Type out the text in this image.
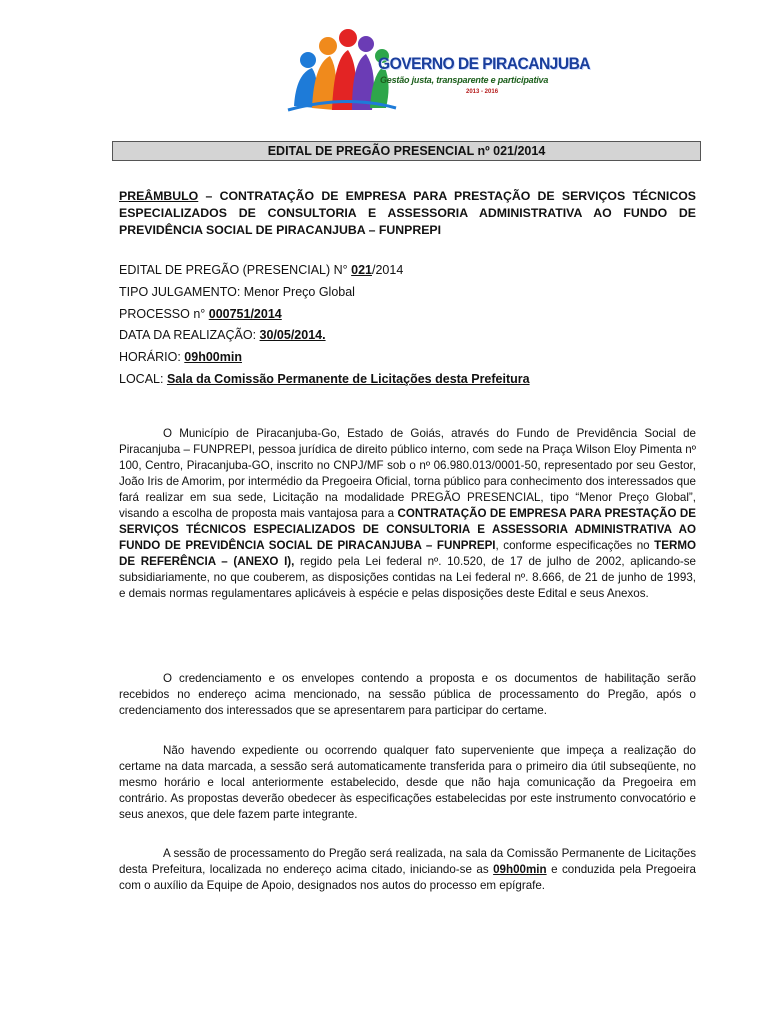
GOVERNO DE PIRACANJUBA
Gestão justa, transparente e participativa
2013 - 2016
EDITAL DE PREGÃO PRESENCIAL nº 021/2014
PREÂMBULO – CONTRATAÇÃO DE EMPRESA PARA PRESTAÇÃO DE SERVIÇOS TÉCNICOS ESPECIALIZADOS DE CONSULTORIA E ASSESSORIA ADMINISTRATIVA AO FUNDO DE PREVIDÊNCIA SOCIAL DE PIRACANJUBA – FUNPREPI
EDITAL DE PREGÃO (PRESENCIAL) N° 021/2014
TIPO JULGAMENTO: Menor Preço Global
PROCESSO n° 000751/2014
DATA DA REALIZAÇÃO: 30/05/2014.
HORÁRIO: 09h00min
LOCAL: Sala da Comissão Permanente de Licitações desta Prefeitura
O Município de Piracanjuba-Go, Estado de Goiás, através do Fundo de Previdência Social de Piracanjuba – FUNPREPI, pessoa jurídica de direito público interno, com sede na Praça Wilson Eloy Pimenta nº 100, Centro, Piracanjuba-GO, inscrito no CNPJ/MF sob o nº 06.980.013/0001-50, representado por seu Gestor, João Iris de Amorim, por intermédio da Pregoeira Oficial, torna público para conhecimento dos interessados que fará realizar em sua sede, Licitação na modalidade PREGÃO PRESENCIAL, tipo “Menor Preço Global”, visando a escolha de proposta mais vantajosa para a CONTRATAÇÃO DE EMPRESA PARA PRESTAÇÃO DE SERVIÇOS TÉCNICOS ESPECIALIZADOS DE CONSULTORIA E ASSESSORIA ADMINISTRATIVA AO FUNDO DE PREVIDÊNCIA SOCIAL DE PIRACANJUBA – FUNPREPI, conforme especificações no TERMO DE REFERÊNCIA – (ANEXO I), regido pela Lei federal nº. 10.520, de 17 de julho de 2002, aplicando-se subsidiariamente, no que couberem, as disposições contidas na Lei federal nº. 8.666, de 21 de junho de 1993, e demais normas regulamentares aplicáveis à espécie e pelas disposições deste Edital e seus Anexos.
O credenciamento e os envelopes contendo a proposta e os documentos de habilitação serão recebidos no endereço acima mencionado, na sessão pública de processamento do Pregão, após o credenciamento dos interessados que se apresentarem para participar do certame.
Não havendo expediente ou ocorrendo qualquer fato superveniente que impeça a realização do certame na data marcada, a sessão será automaticamente transferida para o primeiro dia útil subseqüente, no mesmo horário e local anteriormente estabelecido, desde que não haja comunicação da Pregoeira em contrário. As propostas deverão obedecer às especificações estabelecidas por este instrumento convocatório e seus anexos, que dele fazem parte integrante.
A sessão de processamento do Pregão será realizada, na sala da Comissão Permanente de Licitações desta Prefeitura, localizada no endereço acima citado, iniciando-se as 09h00min e conduzida pela Pregoeira com o auxílio da Equipe de Apoio, designados nos autos do processo em epígrafe.
